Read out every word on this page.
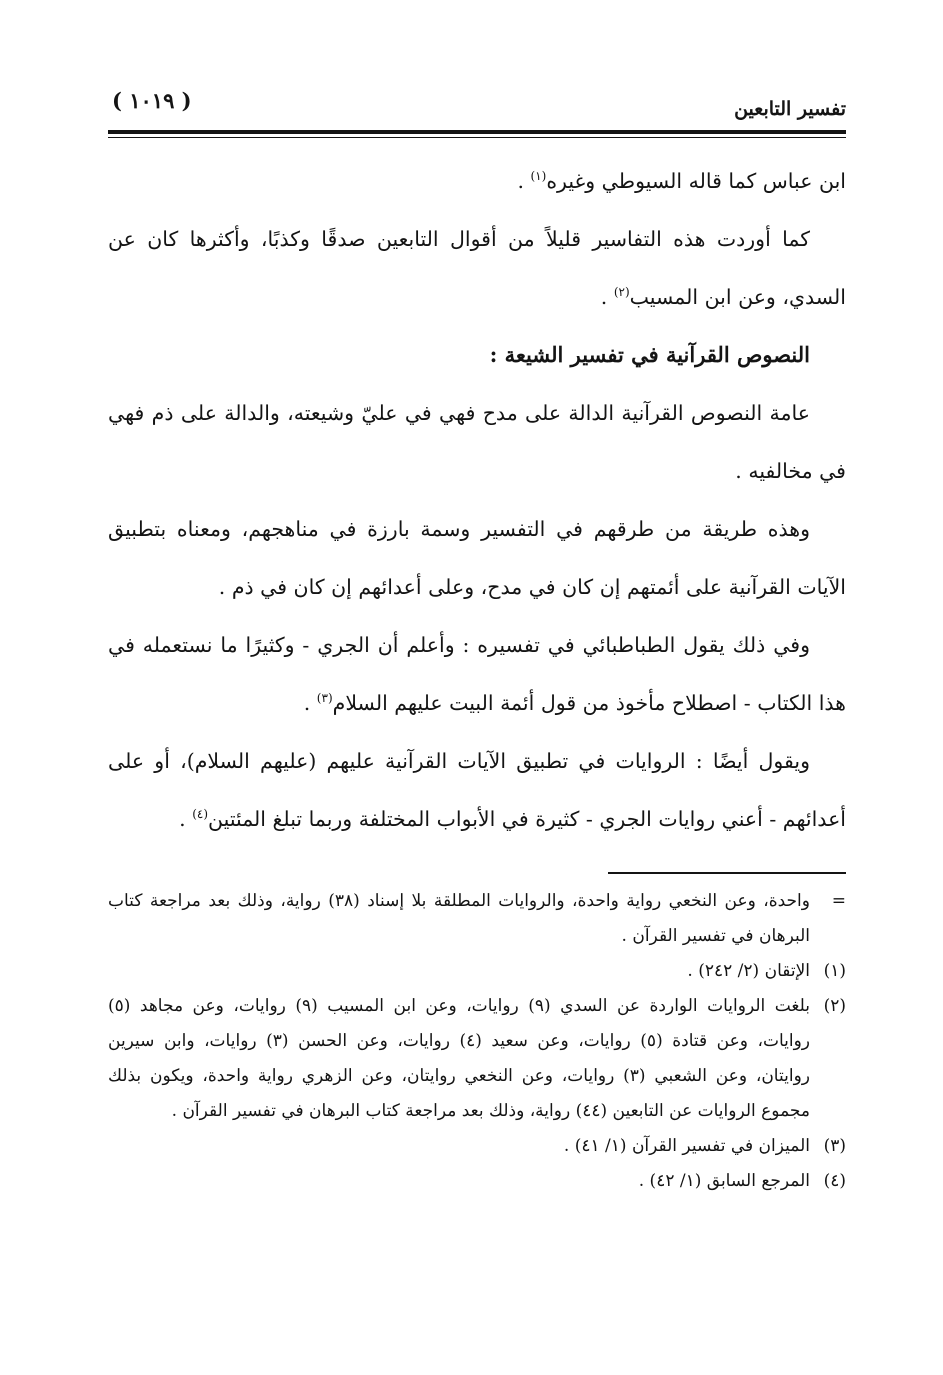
تفسير التابعين
( ١٠١٩ )

ابن عباس كما قاله السيوطي وغيره$^{(١)}$ .

كما أوردت هذه التفاسير قليلاً من أقوال التابعين صدقًا وكذبًا، وأكثرها كان عن السدي، وعن ابن المسيب$^{(٢)}$ .

النصوص القرآنية في تفسير الشيعة :

عامة النصوص القرآنية الدالة على مدح فهي في عليّ وشيعته، والدالة على ذم فهي في مخالفيه .

وهذه طريقة من طرقهم في التفسير وسمة بارزة في مناهجهم، ومعناه بتطبيق الآيات القرآنية على أئمتهم إن كان في مدح، وعلى أعدائهم إن كان في ذم .

وفي ذلك يقول الطباطبائي في تفسيره : وأعلم أن الجري - وكثيرًا ما نستعمله في هذا الكتاب - اصطلاح مأخوذ من قول أئمة البيت عليهم السلام$^{(٣)}$ .

ويقول أيضًا : الروايات في تطبيق الآيات القرآنية عليهم (عليهم السلام)، أو على أعدائهم - أعني روايات الجري - كثيرة في الأبواب المختلفة وربما تبلغ المئتين$^{(٤)}$ .

=
واحدة، وعن النخعي رواية واحدة، والروايات المطلقة بلا إسناد (٣٨) رواية، وذلك بعد مراجعة كتاب البرهان في تفسير القرآن .

(١)
الإتقان (٢/ ٢٤٢) .

(٢)
بلغت الروايات الواردة عن السدي (٩) روايات، وعن ابن المسيب (٩) روايات، وعن مجاهد (٥) روايات، وعن قتادة (٥) روايات، وعن سعيد (٤) روايات، وعن الحسن (٣) روايات، وابن سيرين روايتان، وعن الشعبي (٣) روايات، وعن النخعي روايتان، وعن الزهري رواية واحدة، ويكون بذلك مجموع الروايات عن التابعين (٤٤) رواية، وذلك بعد مراجعة كتاب البرهان في تفسير القرآن .

(٣)
الميزان في تفسير القرآن (١/ ٤١) .

(٤)
المرجع السابق (١/ ٤٢) .
